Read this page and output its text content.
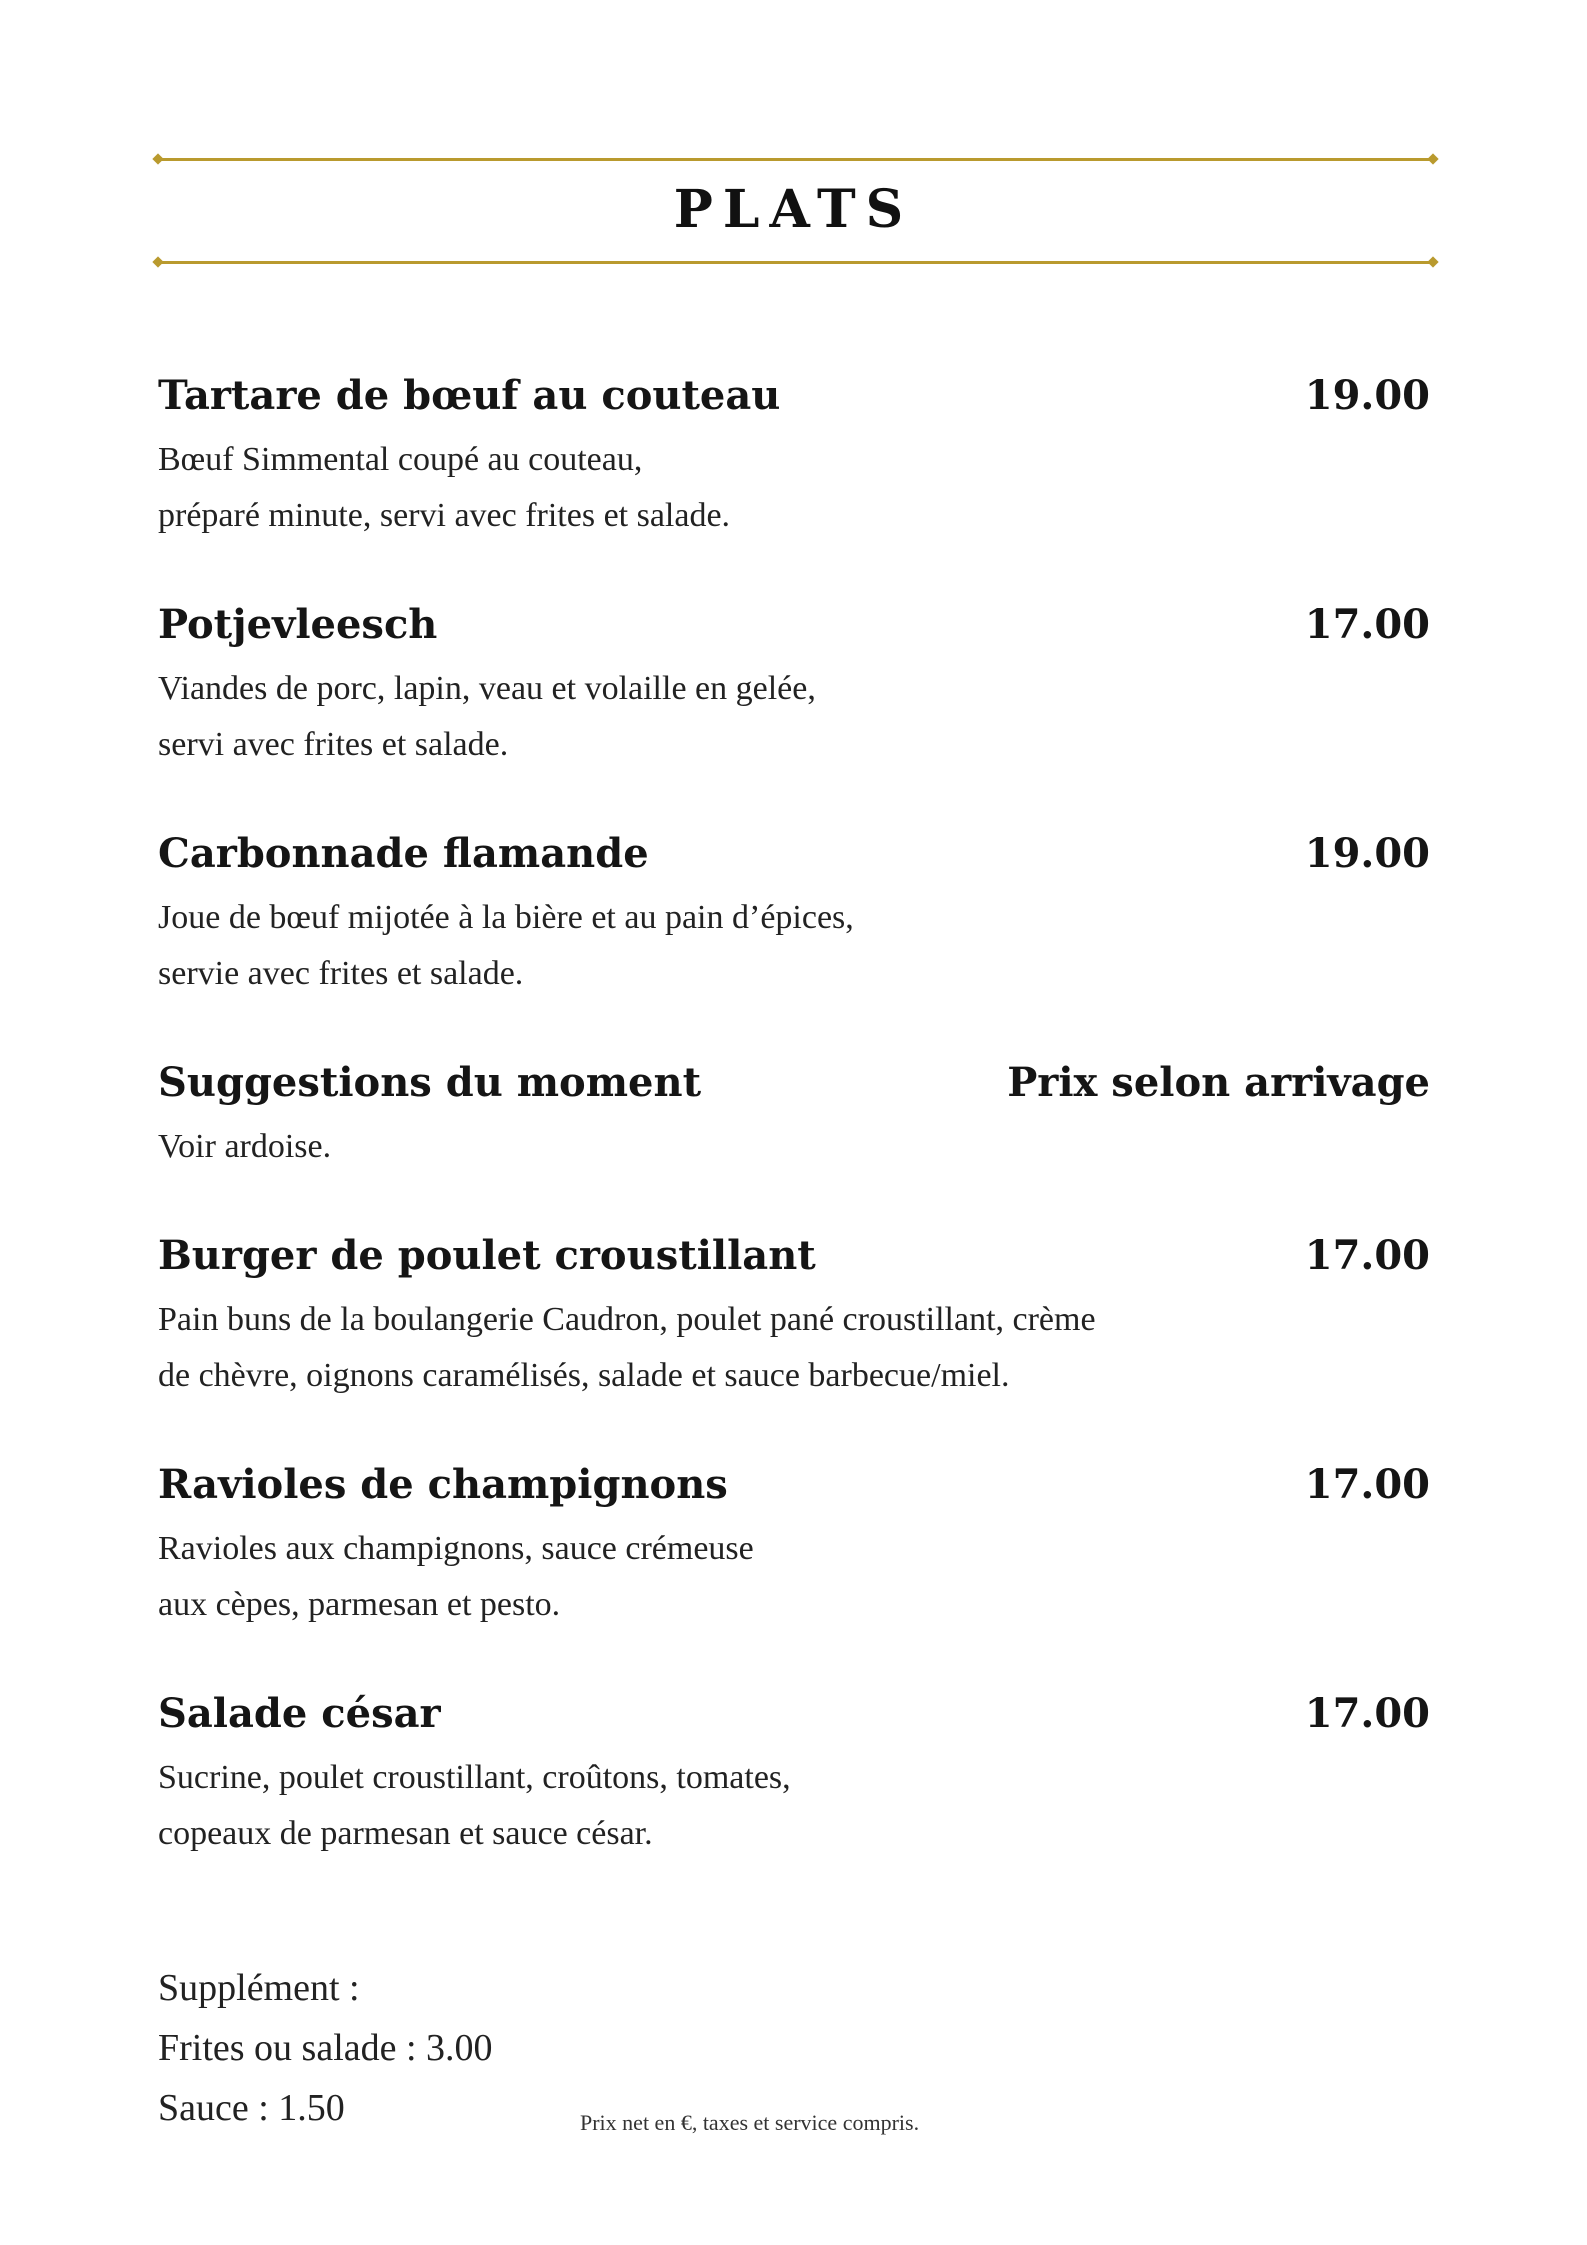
PLATS
Tartare de bœuf au couteau	19.00
Bœuf Simmental coupé au couteau,
préparé minute, servi avec frites et salade.
Potjevleesch	17.00
Viandes de porc, lapin, veau et volaille en gelée,
servi avec frites et salade.
Carbonnade flamande	19.00
Joue de bœuf mijotée à la bière et au pain d’épices,
servie avec frites et salade.
Suggestions du moment	Prix selon arrivage
Voir ardoise.
Burger de poulet croustillant	17.00
Pain buns de la boulangerie Caudron, poulet pané croustillant, crème
de chèvre, oignons caramélisés, salade et sauce barbecue/miel.
Ravioles de champignons	17.00
Ravioles aux champignons, sauce crémeuse
aux cèpes, parmesan et pesto.
Salade césar	17.00
Sucrine, poulet croustillant, croûtons, tomates,
copeaux de parmesan et sauce césar.
Supplément :
Frites ou salade : 3.00
Sauce : 1.50	Prix net en €, taxes et service compris.
